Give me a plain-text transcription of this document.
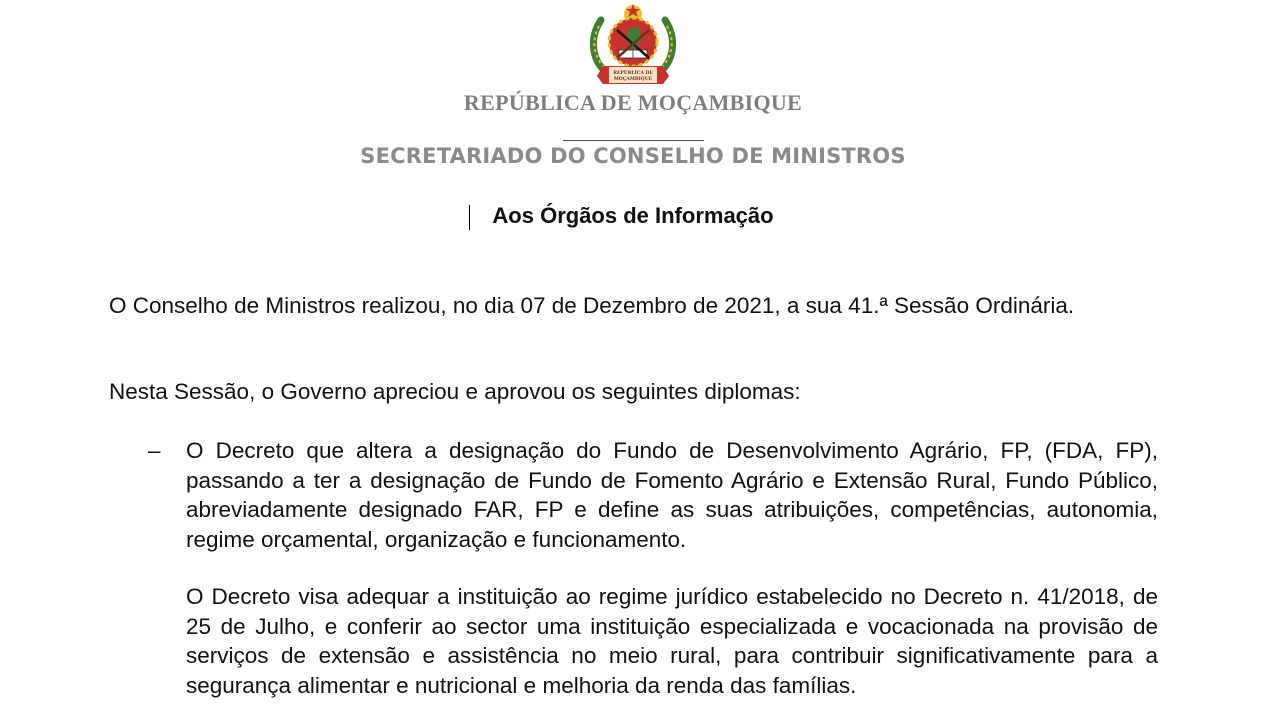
REPÚBLICA DE
MOÇAMBIQUE
REPÚBLICA DE MOÇAMBIQUE
SECRETARIADO DO CONSELHO DE MINISTROS
Aos Órgãos de Informação
O Conselho de Ministros realizou, no dia 07 de Dezembro de 2021, a sua 41.ª Sessão Ordinária.
Nesta Sessão, o Governo apreciou e aprovou os seguintes diplomas:
– O Decreto que altera a designação do Fundo de Desenvolvimento Agrário, FP, (FDA, FP), passando a ter a designação de Fundo de Fomento Agrário e Extensão Rural, Fundo Público, abreviadamente designado FAR, FP e define as suas atribuições, competências, autonomia, regime orçamental, organização e funcionamento.
O Decreto visa adequar a instituição ao regime jurídico estabelecido no Decreto n. 41/2018, de 25 de Julho, e conferir ao sector uma instituição especializada e vocacionada na provisão de serviços de extensão e assistência no meio rural, para contribuir significativamente para a segurança alimentar e nutricional e melhoria da renda das famílias.
